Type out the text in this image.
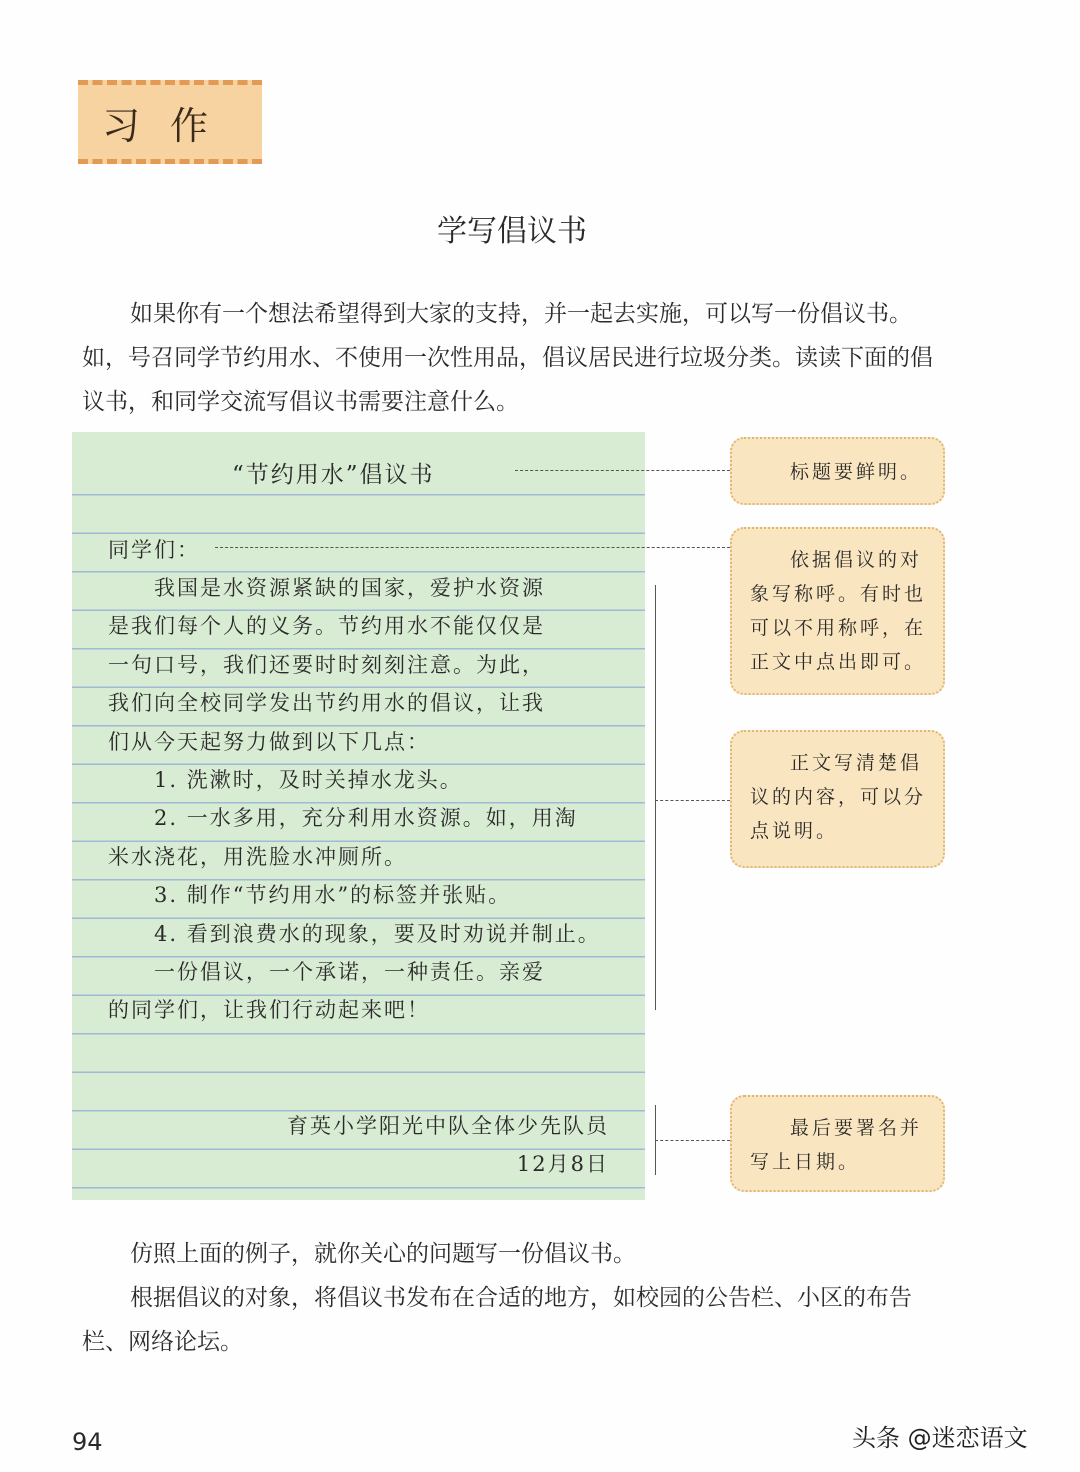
习作
学写倡议书
如果你有一个想法希望得到大家的支持，并一起去实施，可以写一份倡议书。如，号召同学节约用水、不使用一次性用品，倡议居民进行垃圾分类。读读下面的倡议书，和同学交流写倡议书需要注意什么。
“节约用水”倡议书
同学们：
　　我国是水资源紧缺的国家，爱护水资源
是我们每个人的义务。节约用水不能仅仅是
一句口号，我们还要时时刻刻注意。为此，
我们向全校同学发出节约用水的倡议，让我
们从今天起努力做到以下几点：
　　1. 洗漱时，及时关掉水龙头。
　　2. 一水多用，充分利用水资源。如，用淘
米水浇花，用洗脸水冲厕所。
　　3. 制作“节约用水”的标签并张贴。
　　4. 看到浪费水的现象，要及时劝说并制止。
　　一份倡议，一个承诺，一种责任。亲爱
的同学们，让我们行动起来吧！
育英小学阳光中队全体少先队员
12月8日
标题要鲜明。
依据倡议的对象写称呼。有时也可以不用称呼，在正文中点出即可。
正文写清楚倡议的内容，可以分点说明。
最后要署名并写上日期。
仿照上面的例子，就你关心的问题写一份倡议书。
根据倡议的对象，将倡议书发布在合适的地方，如校园的公告栏、小区的布告栏、网络论坛。
94	头条 @迷恋语文
